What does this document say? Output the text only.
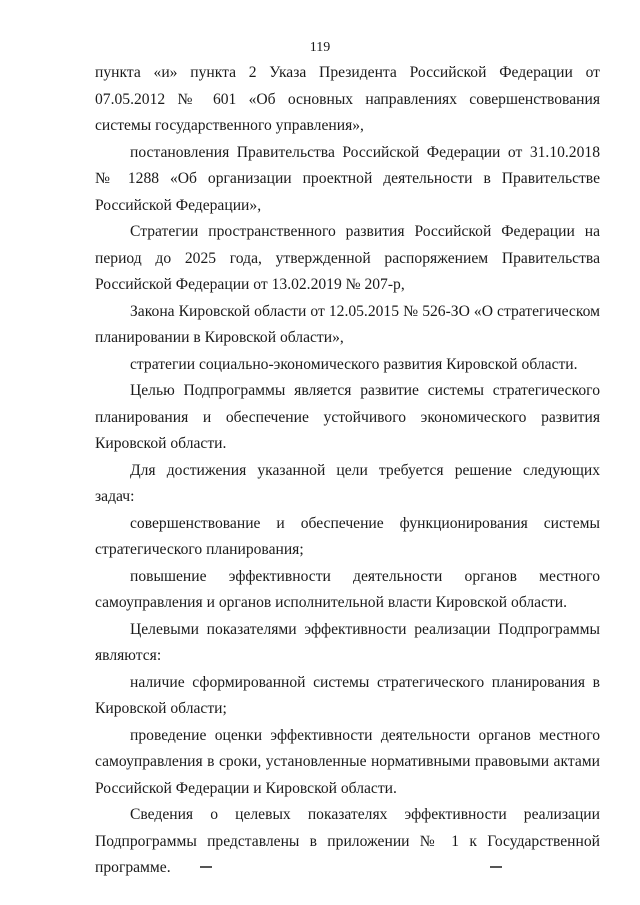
119

пункта «и» пункта 2 Указа Президента Российской Федерации от 07.05.2012 № 601 «Об основных направлениях совершенствования системы государственного управления»,

постановления Правительства Российской Федерации от 31.10.2018 № 1288 «Об организации проектной деятельности в Правительстве Российской Федерации»,

Стратегии пространственного развития Российской Федерации на период до 2025 года, утвержденной распоряжением Правительства Российской Федерации от 13.02.2019 № 207-р,

Закона Кировской области от 12.05.2015 № 526-ЗО «О стратегическом планировании в Кировской области»,

стратегии социально-экономического развития Кировской области.

Целью Подпрограммы является развитие системы стратегического планирования и обеспечение устойчивого экономического развития Кировской области.

Для достижения указанной цели требуется решение следующих задач:

совершенствование и обеспечение функционирования системы стратегического планирования;

повышение эффективности деятельности органов местного самоуправления и органов исполнительной власти Кировской области.

Целевыми показателями эффективности реализации Подпрограммы являются:

наличие сформированной системы стратегического планирования в Кировской области;

проведение оценки эффективности деятельности органов местного самоуправления в сроки, установленные нормативными правовыми актами Российской Федерации и Кировской области.

Сведения о целевых показателях эффективности реализации Подпрограммы представлены в приложении № 1 к Государственной программе.
